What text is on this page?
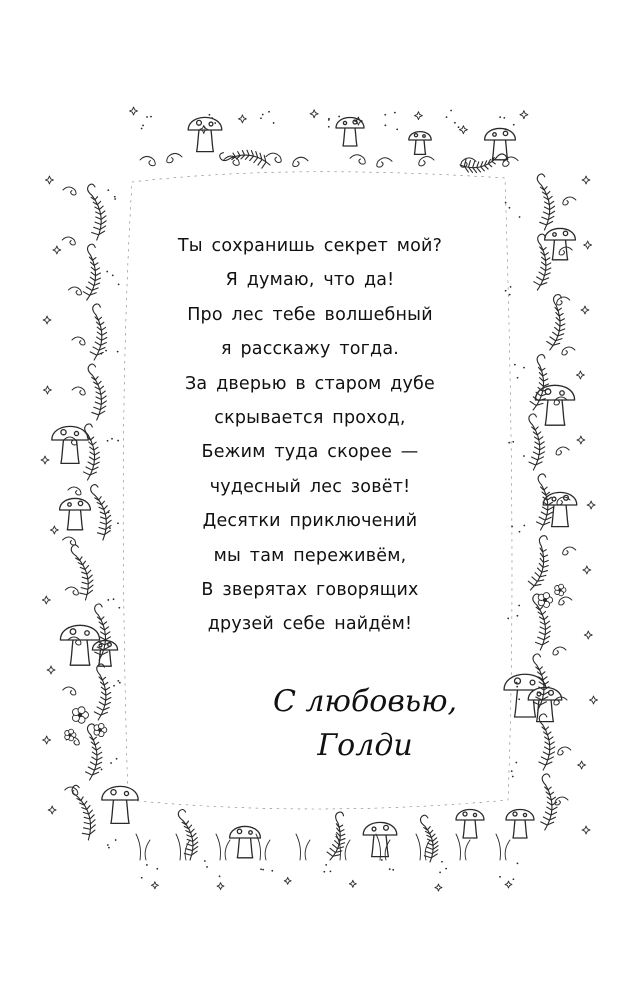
Ты сохранишь секрет мой?
Я думаю, что да!
Про лес тебе волшебный
я расскажу тогда.
За дверью в старом дубе
скрывается проход,
Бежим туда скорее —
чудесный лес зовёт!
Десятки приключений
мы там переживём,
В зверятах говорящих
друзей себе найдём!
С любовью,
Голди
